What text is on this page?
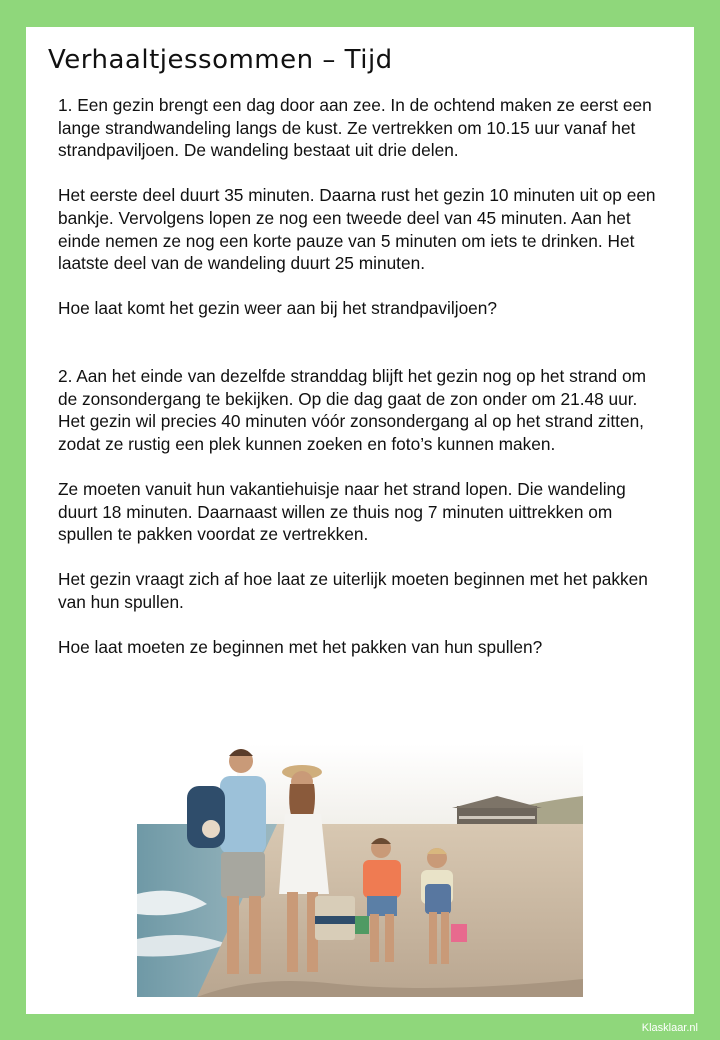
Verhaaltjessommen – Tijd

1. Een gezin brengt een dag door aan zee. In de ochtend maken ze eerst een lange strandwandeling langs de kust. Ze vertrekken om 10.15 uur vanaf het strandpaviljoen. De wandeling bestaat uit drie delen.

Het eerste deel duurt 35 minuten. Daarna rust het gezin 10 minuten uit op een bankje. Vervolgens lopen ze nog een tweede deel van 45 minuten. Aan het einde nemen ze nog een korte pauze van 5 minuten om iets te drinken. Het laatste deel van de wandeling duurt 25 minuten.

Hoe laat komt het gezin weer aan bij het strandpaviljoen?

2. Aan het einde van dezelfde stranddag blijft het gezin nog op het strand om de zonsondergang te bekijken. Op die dag gaat de zon onder om 21.48 uur. Het gezin wil precies 40 minuten vóór zonsondergang al op het strand zitten, zodat ze rustig een plek kunnen zoeken en foto’s kunnen maken.

Ze moeten vanuit hun vakantiehuisje naar het strand lopen. Die wandeling duurt 18 minuten. Daarnaast willen ze thuis nog 7 minuten uittrekken om spullen te pakken voordat ze vertrekken.

Het gezin vraagt zich af hoe laat ze uiterlijk moeten beginnen met het pakken van hun spullen.

Hoe laat moeten ze beginnen met het pakken van hun spullen?

Klasklaar.nl
